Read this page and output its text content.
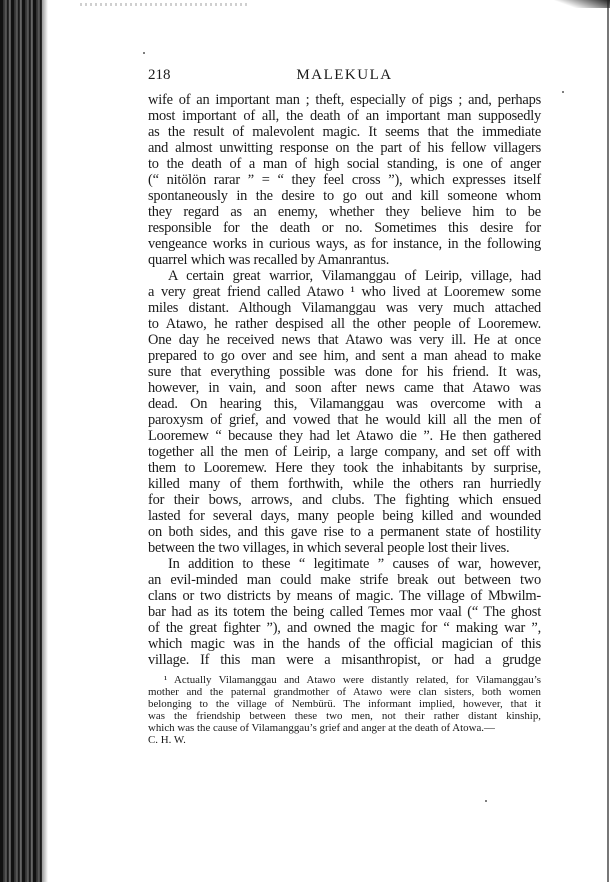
218	MALEKULA
wife of an important man ; theft, especially of pigs ; and, perhaps
most important of all, the death of an important man supposedly
as the result of malevolent magic. It seems that the immediate
and almost unwitting response on the part of his fellow villagers
to the death of a man of high social standing, is one of anger
(“ nitölön rarar ” = “ they feel cross ”), which expresses itself
spontaneously in the desire to go out and kill someone whom
they regard as an enemy, whether they believe him to be
responsible for the death or no. Sometimes this desire for
vengeance works in curious ways, as for instance, in the following
quarrel which was recalled by Amanrantus.
A certain great warrior, Vilamanggau of Leirip, village, had
a very great friend called Atawo ¹ who lived at Looremew some
miles distant. Although Vilamanggau was very much attached
to Atawo, he rather despised all the other people of Looremew.
One day he received news that Atawo was very ill. He at once
prepared to go over and see him, and sent a man ahead to make
sure that everything possible was done for his friend. It was,
however, in vain, and soon after news came that Atawo was
dead. On hearing this, Vilamanggau was overcome with a
paroxysm of grief, and vowed that he would kill all the men of
Looremew “ because they had let Atawo die ”. He then gathered
together all the men of Leirip, a large company, and set off with
them to Looremew. Here they took the inhabitants by surprise,
killed many of them forthwith, while the others ran hurriedly
for their bows, arrows, and clubs. The fighting which ensued
lasted for several days, many people being killed and wounded
on both sides, and this gave rise to a permanent state of hostility
between the two villages, in which several people lost their lives.
In addition to these “ legitimate ” causes of war, however,
an evil-minded man could make strife break out between two
clans or two districts by means of magic. The village of Mbwilm-
bar had as its totem the being called Temes mor vaal (“ The ghost
of the great fighter ”), and owned the magic for “ making war ”,
which magic was in the hands of the official magician of this
village. If this man were a misanthropist, or had a grudge
¹ Actually Vilamanggau and Atawo were distantly related, for Vilamanggau’s
mother and the paternal grandmother of Atawo were clan sisters, both women
belonging to the village of Nembürü. The informant implied, however, that it
was the friendship between these two men, not their rather distant kinship,
which was the cause of Vilamanggau’s grief and anger at the death of Atowa.—
C. H. W.
